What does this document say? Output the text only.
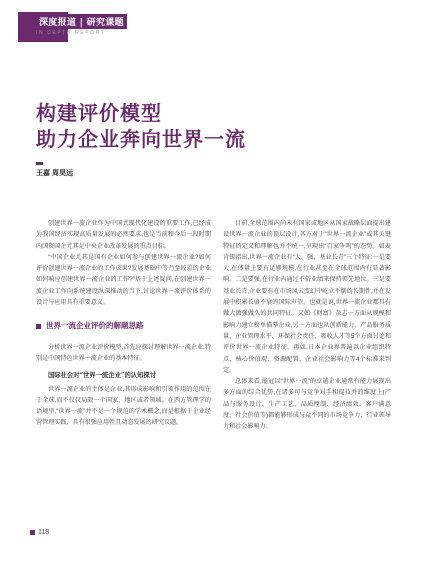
深度报道 | 研究课题
IN DEPTH REPORT
构建评价模型
助力企业奔向世界一流
王嘉 周昊远

创建世界一流企业作为中国式现代化建设的重要工作,已经成为我国经济实现高质量发展的必然要求,也是当前和今后一段时期内国资国企尤其是中央企业改革发展的重点目标。

“中国企业尤其是国有企业如何参与创建世界一流企业?如何评价创建世界一流企业的工作成果?发展基础中等乃至较差的企业如何响应创建世界一流企业的工作?”基于上述疑问,在创建世界一流企业工作向系统建设纵深推动的当下,讨论世界一流评价体系的设计与应用具有重要意义。

世界一流企业评价的解题思路

分析世界一流企业评价模型,首先应探讨理解世界一流企业,特别是中国特色世界一流企业的基本特征。

国际社会对“世界一流企业”的认知探讨

世界一流企业的主体是企业,其形成影响和引领作用的范围在于全球,而不仅仅局限一个国家、地区或者领域。在西方管理学的语境里,“世界一流”并不是一个规范的学术概念,而是根据于企业经营管理实践、具有很强应用性且动态发展的研究议题。

目前,全球范围内尚未有国家或地区从国家战略层面提出建设世界一流企业的顶层设计,各方对于“世界一流企业”或其关键特征的定义和理解也并不统一,呈现出“百家争鸣”的态势。如麦肯锡指出,世界一流企业有“大、强、基业长青”三个特征:一是要大,在体量上要有足够规模,在行业甚至在全球范围内有显著影响。二是要强,在行业内通过不俗业绩来保持领先地位。三是要基业长青,企业要有在市场风云变幻中屹立不倒的长期性,并在发展中积累长盛不衰的国际声望。也就是说,世界一流企业都具有做大做强做久的共同特征。又如《财富》杂志一方面从规模和影响力建立榜单描摹企业,另一方面也从创新能力、产品服务质量、企业管理水平、环保社会责任、吸收人才等5个方面讨论和评价世界一流企业特征。再如,日本企业界普遍以企业组织特点、核心价值观、资源配置、企业社会影响力等4个标准来判定。

总体来看,能冠以“世界一流”的卓越企业通常有能力展现出多方面的综合优势,在诸多可与竞争对手相提技并的维度上(产品与服务设计、生产工艺、品质控制、经济绩效、客户满意度、社会价值等)都能够形成与众不同的市场竞争力、行业领导力和社会影响力。

118
